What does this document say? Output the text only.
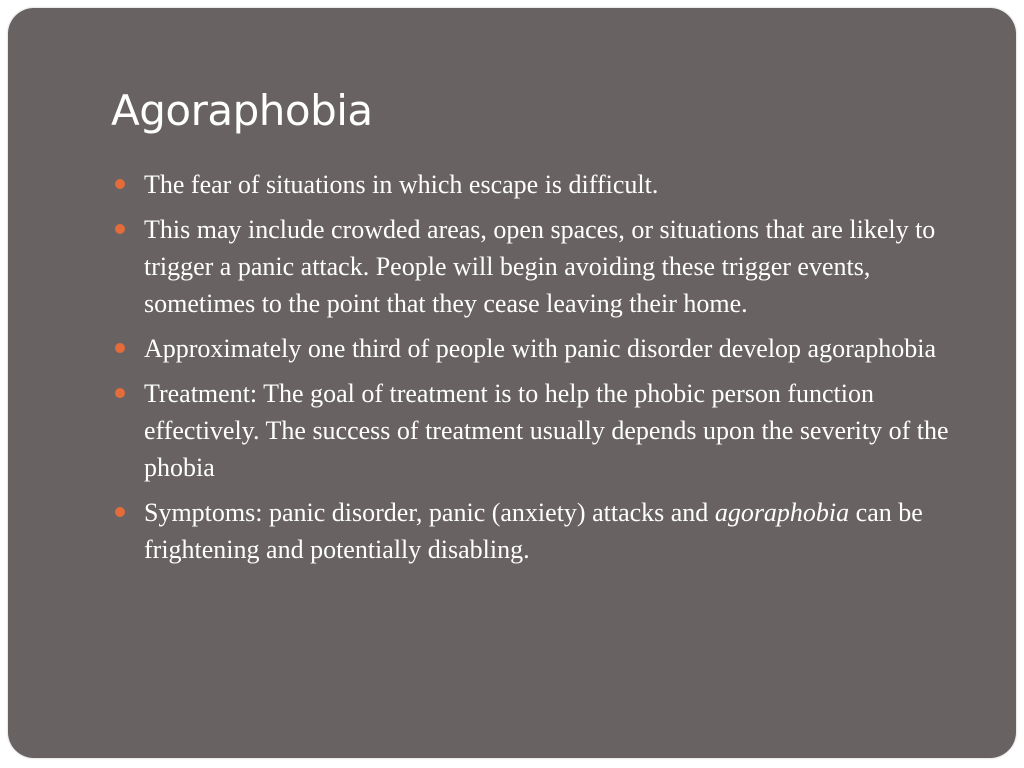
Agoraphobia
The fear of situations in which escape is difficult.
This may include crowded areas, open spaces, or situations that are likely to trigger a panic attack. People will begin avoiding these trigger events, sometimes to the point that they cease leaving their home.
Approximately one third of people with panic disorder develop agoraphobia
Treatment: The goal of treatment is to help the phobic person function effectively. The success of treatment usually depends upon the severity of the phobia
Symptoms: panic disorder, panic (anxiety) attacks and agoraphobia can be frightening and potentially disabling.
